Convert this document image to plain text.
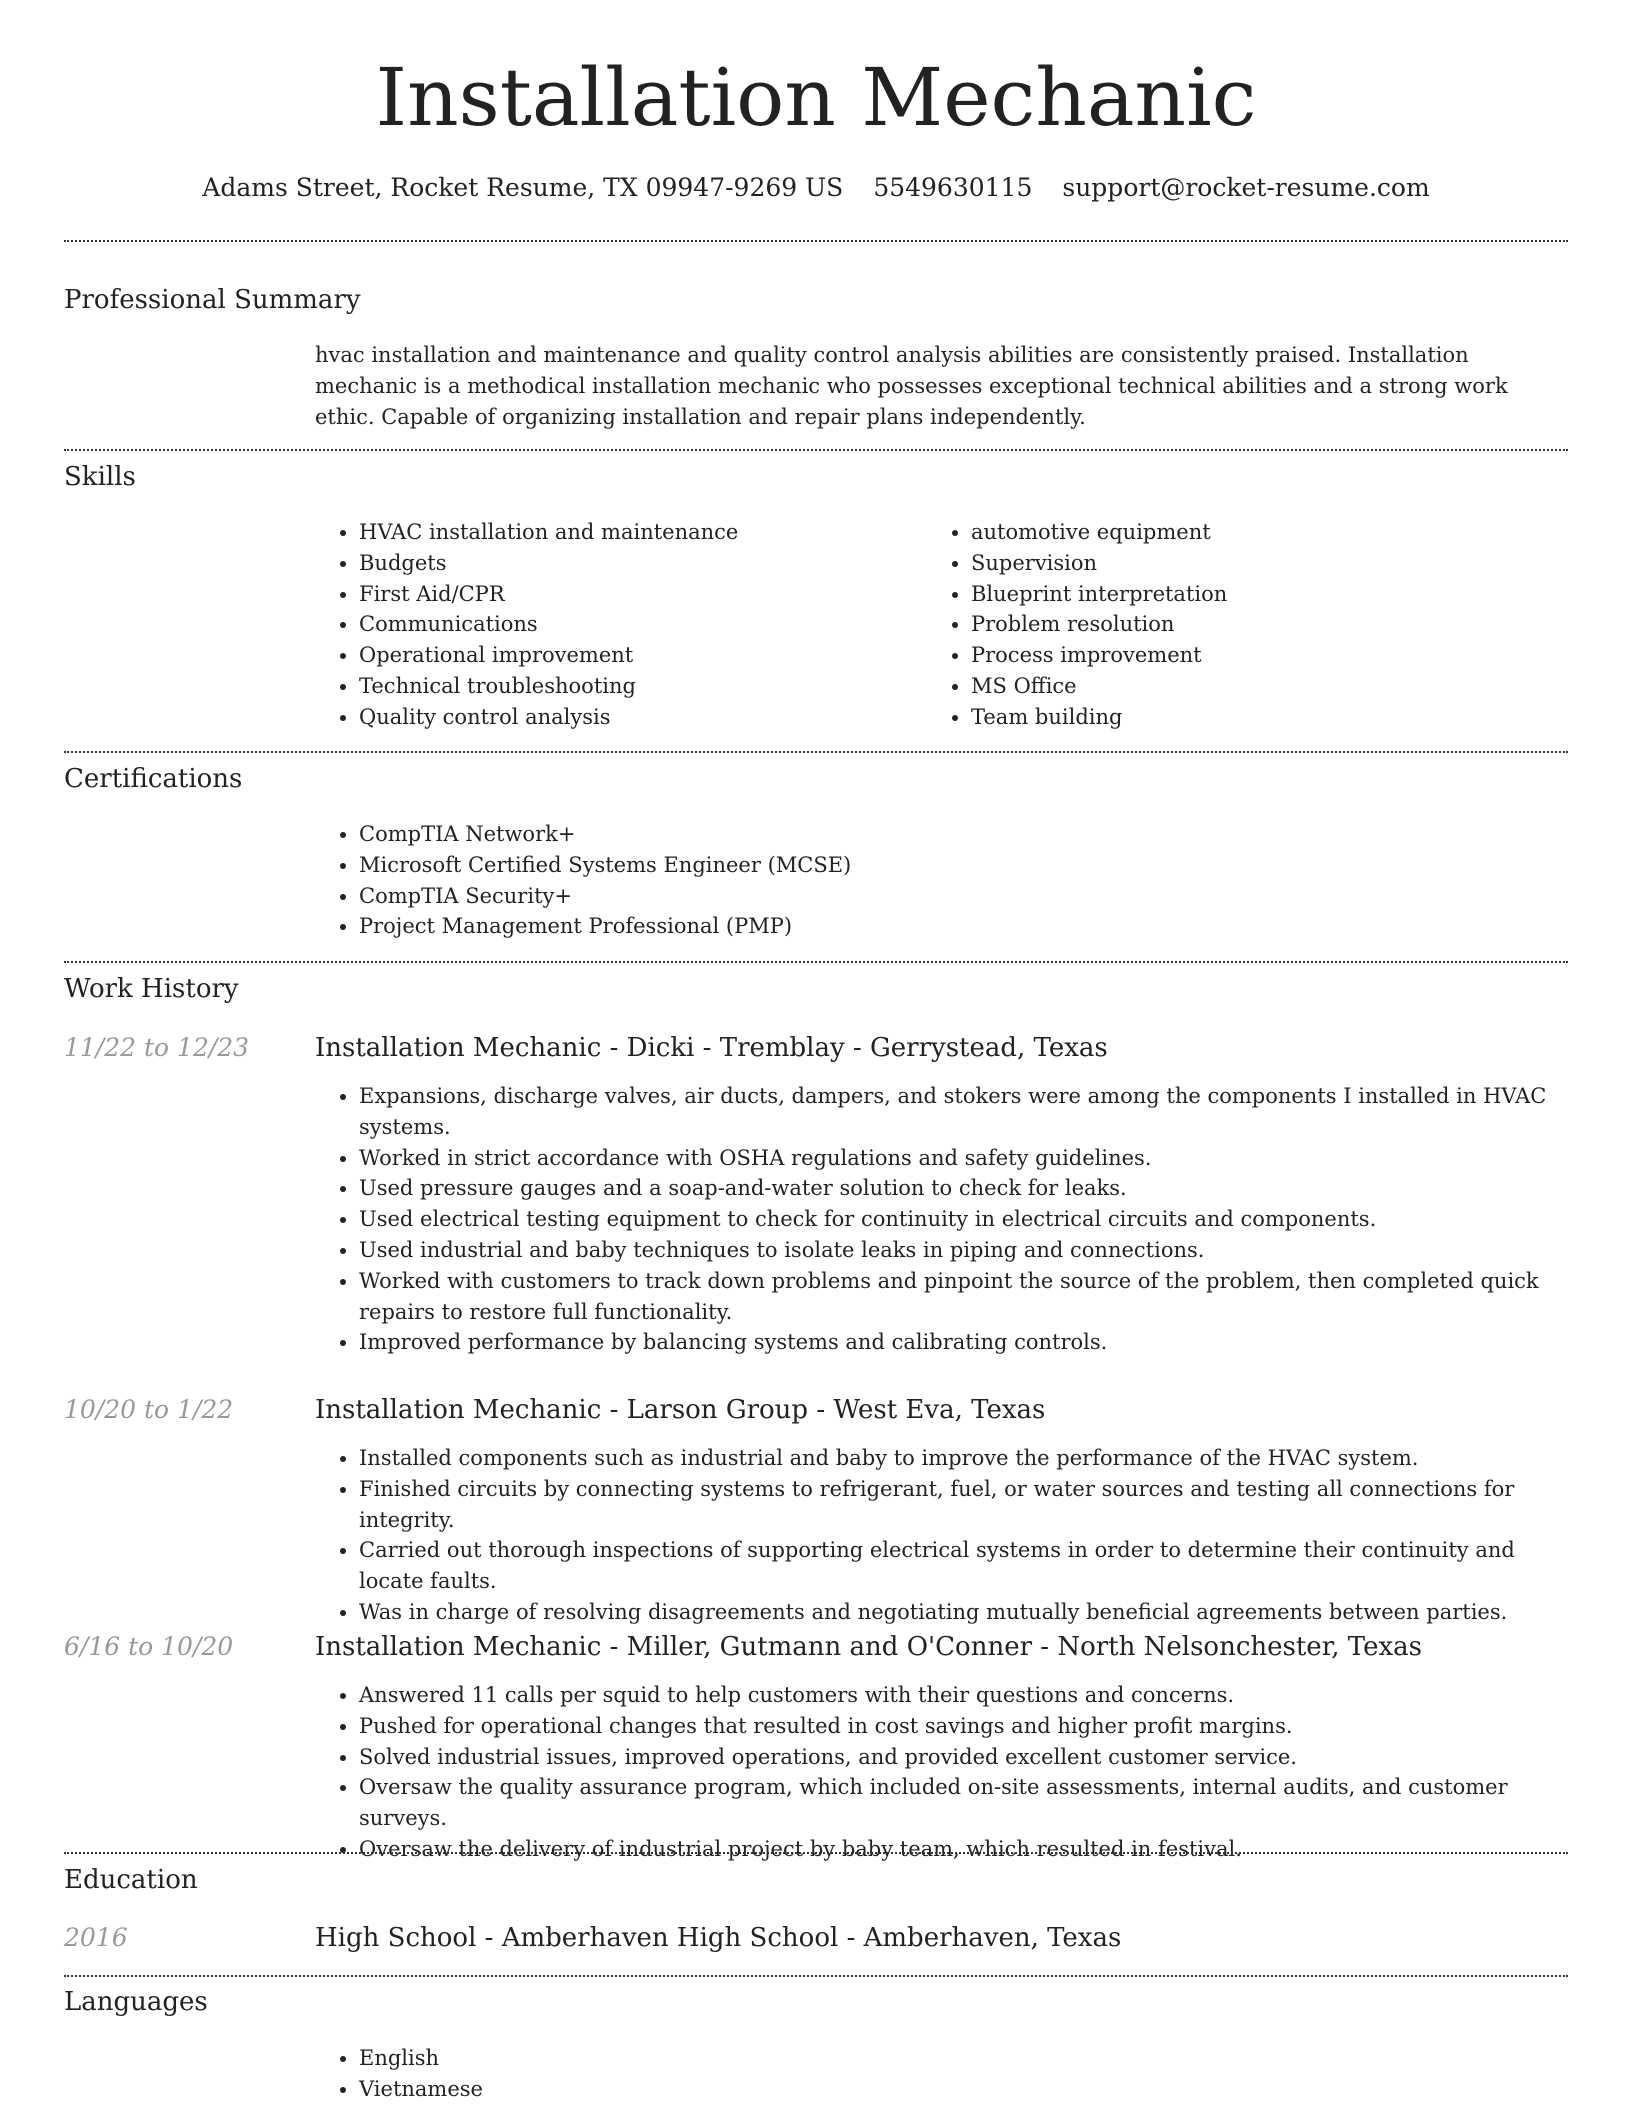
Installation Mechanic
Adams Street, Rocket Resume, TX 09947-9269 US 5549630115 support@rocket-resume.com
Professional Summary
hvac installation and maintenance and quality control analysis abilities are consistently praised. Installation mechanic is a methodical installation mechanic who possesses exceptional technical abilities and a strong work ethic. Capable of organizing installation and repair plans independently.
Skills
• HVAC installation and maintenance
• Budgets
• First Aid/CPR
• Communications
• Operational improvement
• Technical troubleshooting
• Quality control analysis
• automotive equipment
• Supervision
• Blueprint interpretation
• Problem resolution
• Process improvement
• MS Office
• Team building
Certifications
• CompTIA Network+
• Microsoft Certified Systems Engineer (MCSE)
• CompTIA Security+
• Project Management Professional (PMP)
Work History
11/22 to 12/23	Installation Mechanic - Dicki - Tremblay - Gerrystead, Texas
• Expansions, discharge valves, air ducts, dampers, and stokers were among the components I installed in HVAC systems.
• Worked in strict accordance with OSHA regulations and safety guidelines.
• Used pressure gauges and a soap-and-water solution to check for leaks.
• Used electrical testing equipment to check for continuity in electrical circuits and components.
• Used industrial and baby techniques to isolate leaks in piping and connections.
• Worked with customers to track down problems and pinpoint the source of the problem, then completed quick repairs to restore full functionality.
• Improved performance by balancing systems and calibrating controls.
10/20 to 1/22	Installation Mechanic - Larson Group - West Eva, Texas
• Installed components such as industrial and baby to improve the performance of the HVAC system.
• Finished circuits by connecting systems to refrigerant, fuel, or water sources and testing all connections for integrity.
• Carried out thorough inspections of supporting electrical systems in order to determine their continuity and locate faults.
• Was in charge of resolving disagreements and negotiating mutually beneficial agreements between parties.
6/16 to 10/20	Installation Mechanic - Miller, Gutmann and O'Conner - North Nelsonchester, Texas
• Answered 11 calls per squid to help customers with their questions and concerns.
• Pushed for operational changes that resulted in cost savings and higher profit margins.
• Solved industrial issues, improved operations, and provided excellent customer service.
• Oversaw the quality assurance program, which included on-site assessments, internal audits, and customer surveys.
• Oversaw the delivery of industrial project by baby team, which resulted in festival.
Education
2016	High School - Amberhaven High School - Amberhaven, Texas
Languages
• English
• Vietnamese
